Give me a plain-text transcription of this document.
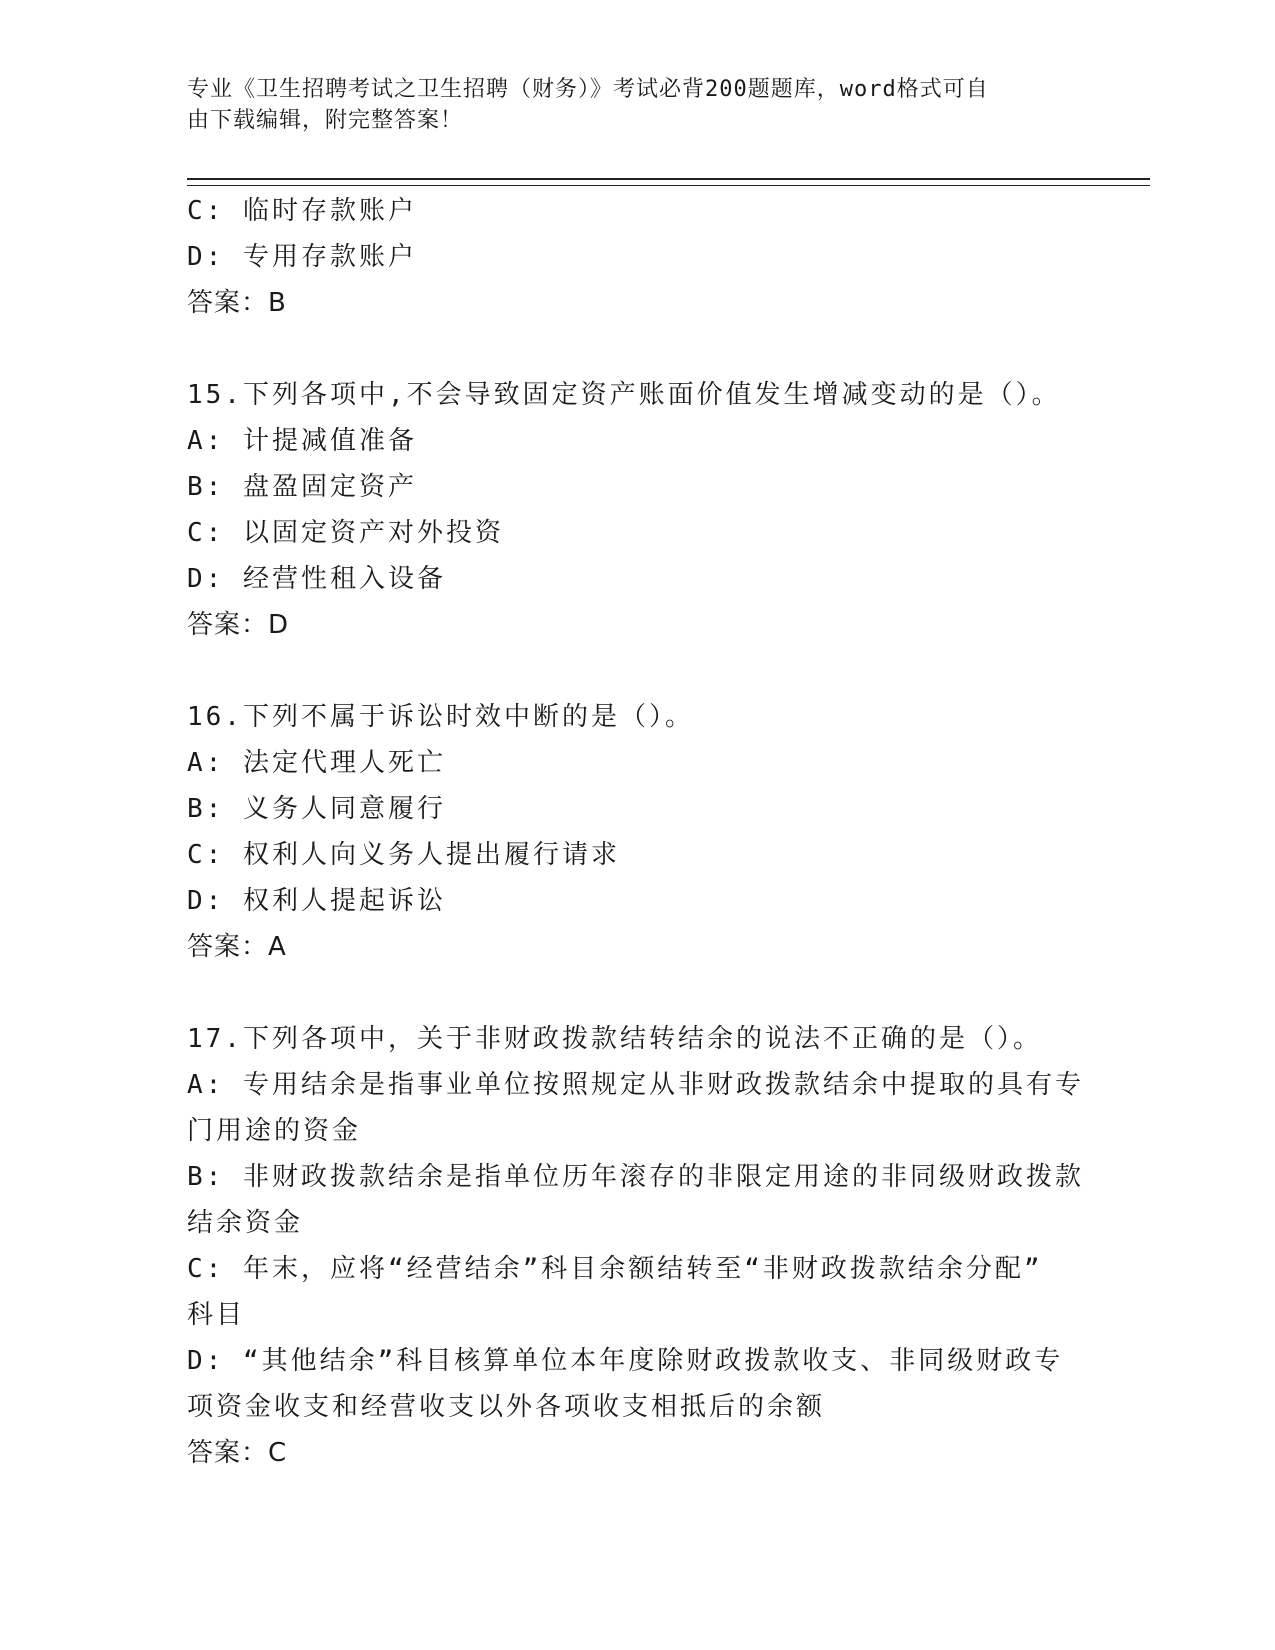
专业《卫生招聘考试之卫生招聘（财务）》考试必背200题题库，word格式可自
由下载编辑，附完整答案！
C: 临时存款账户
D: 专用存款账户
答案：B
15.下列各项中,不会导致固定资产账面价值发生增减变动的是（）。
A: 计提减值准备
B: 盘盈固定资产
C: 以固定资产对外投资
D: 经营性租入设备
答案：D
16.下列不属于诉讼时效中断的是（）。
A: 法定代理人死亡
B: 义务人同意履行
C: 权利人向义务人提出履行请求
D: 权利人提起诉讼
答案：A
17.下列各项中，关于非财政拨款结转结余的说法不正确的是（）。
A: 专用结余是指事业单位按照规定从非财政拨款结余中提取的具有专
门用途的资金
B: 非财政拨款结余是指单位历年滚存的非限定用途的非同级财政拨款
结余资金
C: 年末，应将“经营结余”科目余额结转至“非财政拨款结余分配”
科目
D: “其他结余”科目核算单位本年度除财政拨款收支、非同级财政专
项资金收支和经营收支以外各项收支相抵后的余额
答案：C
